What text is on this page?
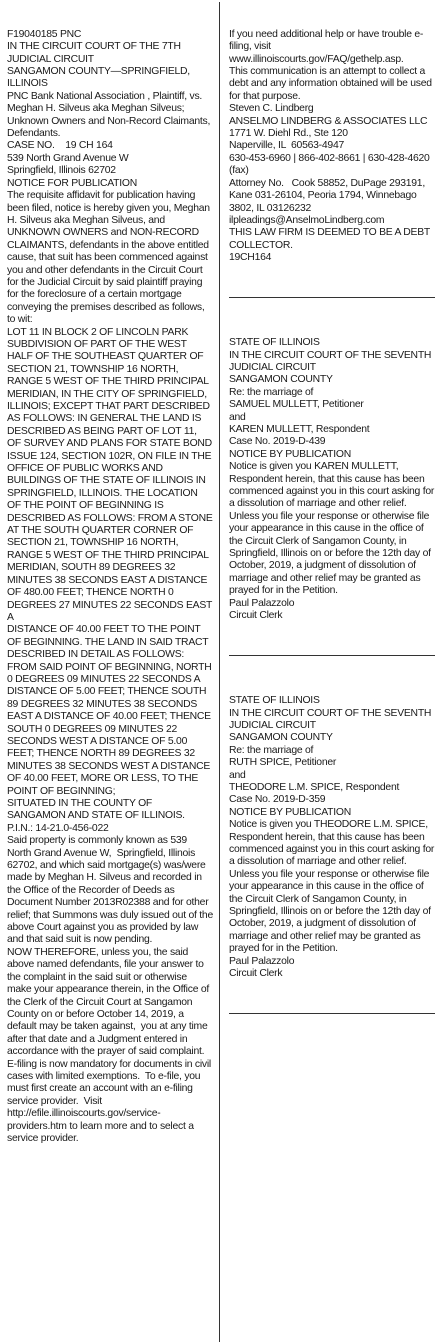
F19040185 PNC
IN THE CIRCUIT COURT OF THE 7TH JUDICIAL CIRCUIT
SANGAMON COUNTY—SPRINGFIELD, ILLINOIS
PNC Bank National Association , Plaintiff, vs.
Meghan H. Silveus aka Meghan Silveus; Unknown Owners and Non-Record Claimants, Defendants.
CASE NO.    19 CH 164
539 North Grand Avenue W
Springfield, Illinois 62702
NOTICE FOR PUBLICATION
The requisite affidavit for publication having been filed, notice is hereby given you, Meghan H. Silveus aka Meghan Silveus, and UNKNOWN OWNERS and NON-RECORD CLAIMANTS, defendants in the above entitled cause, that suit has been commenced against you and other defendants in the Circuit Court for the Judicial Circuit by said plaintiff praying for the foreclosure of a certain mortgage conveying the premises described as follows, to wit:
LOT 11 IN BLOCK 2 OF LINCOLN PARK SUBDIVISION OF PART OF THE WEST HALF OF THE SOUTHEAST QUARTER OF SECTION 21, TOWNSHIP 16 NORTH, RANGE 5 WEST OF THE THIRD PRINCIPAL MERIDIAN, IN THE CITY OF SPRINGFIELD, ILLINOIS; EXCEPT THAT PART DESCRIBED AS FOLLOWS: IN GENERAL THE LAND IS DESCRIBED AS BEING PART OF LOT 11, OF SURVEY AND PLANS FOR STATE BOND ISSUE 124, SECTION 102R, ON FILE IN THE OFFICE OF PUBLIC WORKS AND BUILDINGS OF THE STATE OF ILLINOIS IN SPRINGFIELD, ILLINOIS. THE LOCATION OF THE POINT OF BEGINNING IS DESCRIBED AS FOLLOWS: FROM A STONE AT THE SOUTH QUARTER CORNER OF SECTION 21, TOWNSHIP 16 NORTH, RANGE 5 WEST OF THE THIRD PRINCIPAL MERIDIAN, SOUTH 89 DEGREES 32 MINUTES 38 SECONDS EAST A DISTANCE OF 480.00 FEET; THENCE NORTH 0 DEGREES 27 MINUTES 22 SECONDS EAST A
DISTANCE OF 40.00 FEET TO THE POINT OF BEGINNING. THE LAND IN SAID TRACT DESCRIBED IN DETAIL AS FOLLOWS: FROM SAID POINT OF BEGINNING, NORTH 0 DEGREES 09 MINUTES 22 SECONDS A DISTANCE OF 5.00 FEET; THENCE SOUTH 89 DEGREES 32 MINUTES 38 SECONDS EAST A DISTANCE OF 40.00 FEET; THENCE SOUTH 0 DEGREES 09 MINUTES 22 SECONDS WEST A DISTANCE OF 5.00 FEET; THENCE NORTH 89 DEGREES 32 MINUTES 38 SECONDS WEST A DISTANCE OF 40.00 FEET, MORE OR LESS, TO THE POINT OF BEGINNING;
SITUATED IN THE COUNTY OF SANGAMON AND STATE OF ILLINOIS.
P.I.N.: 14-21.0-456-022
Said property is commonly known as 539 North Grand Avenue W,  Springfield, Illinois 62702, and which said mortgage(s) was/were made by Meghan H. Silveus and recorded in the Office of the Recorder of Deeds as Document Number 2013R02388 and for other relief; that Summons was duly issued out of the above Court against you as provided by law and that said suit is now pending.
NOW THEREFORE, unless you, the said above named defendants, file your answer to the complaint in the said suit or otherwise make your appearance therein, in the Office of the Clerk of the Circuit Court at Sangamon County on or before October 14, 2019, a default may be taken against,  you at any time after that date and a Judgment entered in accordance with the prayer of said complaint.  E-filing is now mandatory for documents in civil cases with limited exemptions.  To e-file, you must first create an account with an e-filing service provider.  Visit http://efile.illinoiscourts.gov/service-providers.htm to learn more and to select a service provider.

If you need additional help or have trouble e-filing, visit www.illinoiscourts.gov/FAQ/gethelp.asp.
This communication is an attempt to collect a debt and any information obtained will be used for that purpose.
Steven C. Lindberg
ANSELMO LINDBERG & ASSOCIATES LLC
1771 W. Diehl Rd., Ste 120
Naperville, IL  60563-4947
630-453-6960 | 866-402-8661 | 630-428-4620 (fax)
Attorney No.   Cook 58852, DuPage 293191, Kane 031-26104, Peoria 1794, Winnebago 3802, IL 03126232
ilpleadings@AnselmoLindberg.com
THIS LAW FIRM IS DEEMED TO BE A DEBT COLLECTOR.
19CH164

STATE OF ILLINOIS
IN THE CIRCUIT COURT OF THE SEVENTH JUDICIAL CIRCUIT
SANGAMON COUNTY
Re: the marriage of
SAMUEL MULLETT, Petitioner
and
KAREN MULLETT, Respondent
Case No. 2019-D-439
NOTICE BY PUBLICATION
Notice is given you KAREN MULLETT, Respondent herein, that this cause has been commenced against you in this court asking for a dissolution of marriage and other relief.
Unless you file your response or otherwise file your appearance in this cause in the office of the Circuit Clerk of Sangamon County, in Springfield, Illinois on or before the 12th day of October, 2019, a judgment of dissolution of marriage and other relief may be granted as prayed for in the Petition.
Paul Palazzolo
Circuit Clerk

STATE OF ILLINOIS
IN THE CIRCUIT COURT OF THE SEVENTH JUDICIAL CIRCUIT
SANGAMON COUNTY
Re: the marriage of
RUTH SPICE, Petitioner
and
THEODORE L.M. SPICE, Respondent
Case No. 2019-D-359
NOTICE BY PUBLICATION
Notice is given you THEODORE L.M. SPICE, Respondent herein, that this cause has been commenced against you in this court asking for a dissolution of marriage and other relief.
Unless you file your response or otherwise file your appearance in this cause in the office of the Circuit Clerk of Sangamon County, in Springfield, Illinois on or before the 12th day of October, 2019, a judgment of dissolution of marriage and other relief may be granted as prayed for in the Petition.
Paul Palazzolo
Circuit Clerk
